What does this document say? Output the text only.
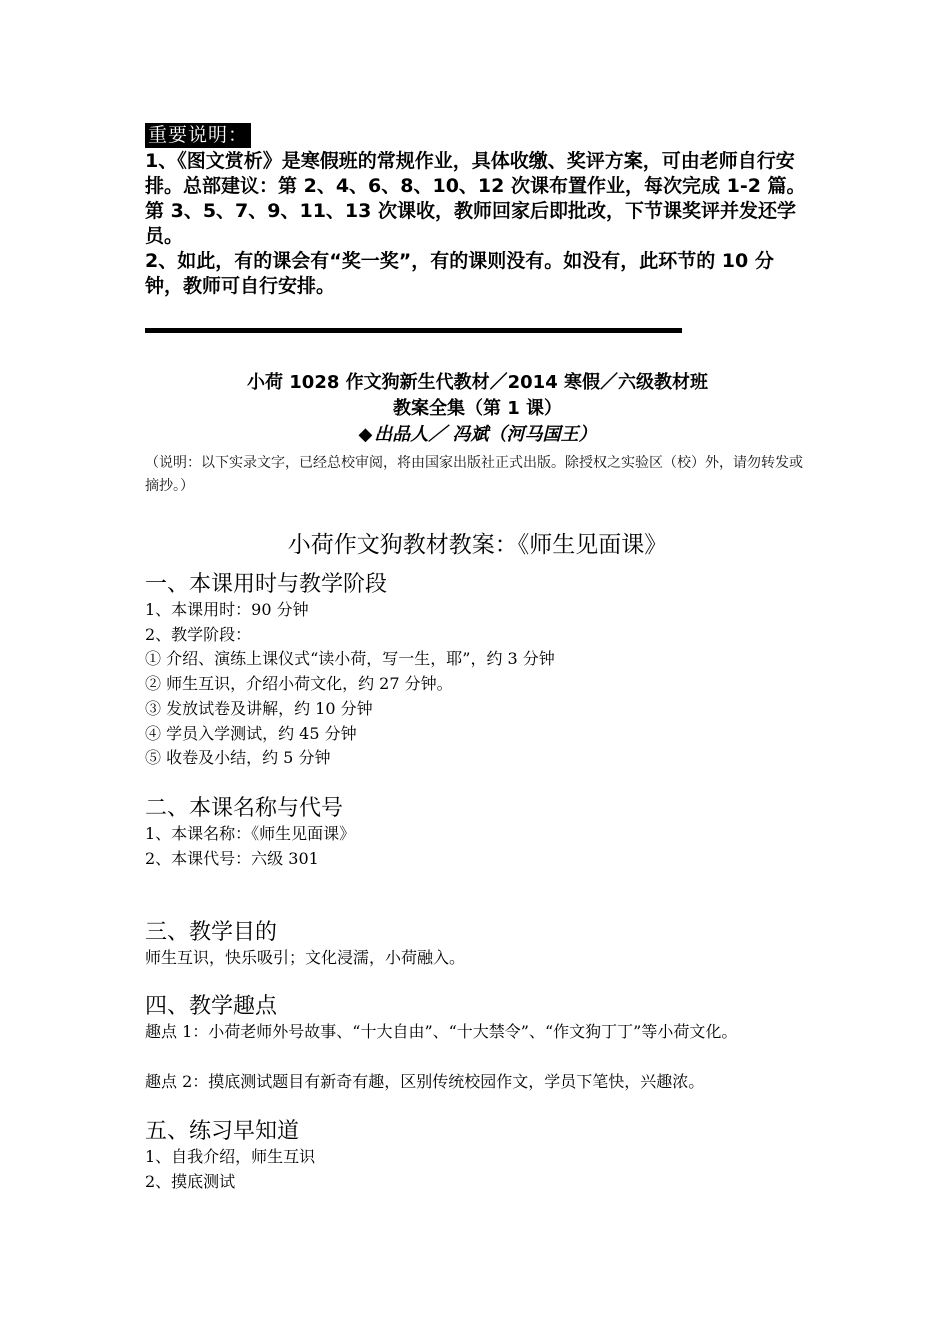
重要说明：

1、《图文赏析》是寒假班的常规作业，具体收缴、奖评方案，可由老师自行安排。总部建议：第 2、4、6、8、10、12 次课布置作业，每次完成 1-2 篇。第 3、5、7、9、11、13 次课收，教师回家后即批改，下节课奖评并发还学员。

2、如此，有的课会有“奖一奖”，有的课则没有。如没有，此环节的 10 分钟，教师可自行安排。

小荷 1028 作文狗新生代教材／2014 寒假／六级教材班
教案全集（第 1 课）
◆ 出品人／ 冯斌（河马国王）
（说明：以下实录文字，已经总校审阅，将由国家出版社正式出版。除授权之实验区（校）外，请勿转发或摘抄。）
小荷作文狗教材教案：《师生见面课》
一、本课用时与教学阶段
1、本课用时：90 分钟
2、教学阶段：
① 介绍、演练上课仪式“读小荷，写一生，耶”，约 3 分钟
② 师生互识，介绍小荷文化，约 27 分钟。
③ 发放试卷及讲解，约 10 分钟
④ 学员入学测试，约 45 分钟
⑤ 收卷及小结，约 5 分钟
二、本课名称与代号
1、本课名称：《师生见面课》
2、本课代号：六级 301
三、教学目的
师生互识，快乐吸引；文化浸濡，小荷融入。
四、教学趣点
趣点 1：小荷老师外号故事、“十大自由”、“十大禁令”、“作文狗丁丁”等小荷文化。
趣点 2：摸底测试题目有新奇有趣，区别传统校园作文，学员下笔快，兴趣浓。
五、练习早知道
1、自我介绍，师生互识
2、摸底测试
